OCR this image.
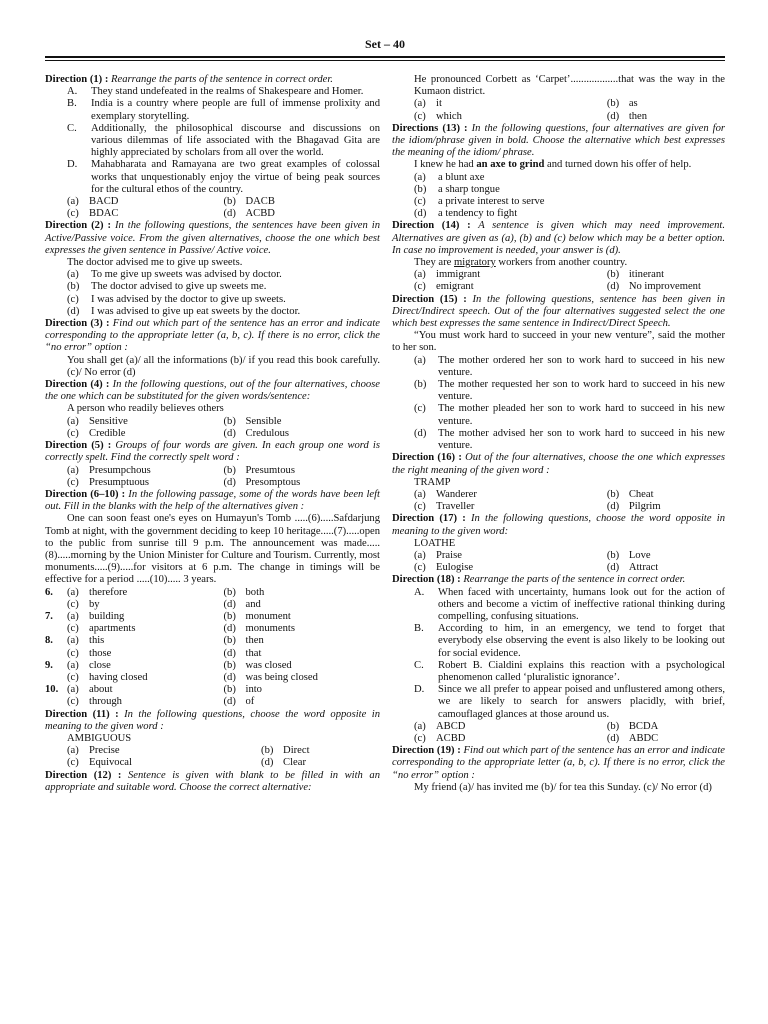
Set – 40

Direction (1) : Rearrange the parts of the sentence in correct order.

A.	They stand undefeated in the realms of Shakespeare and Homer.
B.	India is a country where people are full of immense prolixity and exemplary storytelling.
C.	Additionally, the philosophical discourse and discussions on various dilemmas of life associated with the Bhagavad Gita are highly appreciated by scholars from all over the world.
D.	Mahabharata and Ramayana are two great examples of colossal works that unquestionably enjoy the virtue of being peak sources for the cultural ethos of the country.
(a) BACD	(b) DACB
(c) BDAC	(d) ACBD

Direction (2) : In the following questions, the sentences have been given in Active/Passive voice. From the given alternatives, choose the one which best expresses the given sentence in Passive/ Active voice.

The doctor advised me to give up sweets.

(a)	To me give up sweets was advised by doctor.
(b)	The doctor advised to give up sweets me.
(c)	I was advised by the doctor to give up sweets.
(d)	I was advised to give up eat sweets by the doctor.

Direction (3) : Find out which part of the sentence has an error and indicate corresponding to the appropriate letter (a, b, c). If there is no error, click the “no error” option :

You shall get (a)/ all the informations (b)/ if you read this book carefully. (c)/ No error (d)

Direction (4) : In the following questions, out of the four alternatives, choose the one which can be substituted for the given words/sentence:

A person who readily believes others

(a) Sensitive	(b) Sensible
(c) Credible	(d) Credulous

Direction (5) : Groups of four words are given. In each group one word is correctly spelt. Find the correctly spelt word :

(a) Presumpchous	(b) Presumtous
(c) Presumptuous	(d) Presomptous

Direction (6–10) : In the following passage, some of the words have been left out. Fill in the blanks with the help of the alternatives given :

One can soon feast one's eyes on Humayun's Tomb .....(6).....Safdarjung Tomb at night, with the government deciding to keep 10 heritage.....(7).....open to the public from sunrise till 9 p.m. The announcement was made.....(8).....morning by the Union Minister for Culture and Tourism. Currently, most monuments.....(9).....for visitors at 6 p.m. The change in timings will be effective for a period .....(10)..... 3 years.

6.	(a) therefore	(b) both
(c) by	(d) and
7.	(a) building	(b) monument
(c) apartments	(d) monuments
8.	(a) this	(b) then
(c) those	(d) that
9.	(a) close	(b) was closed
(c) having closed	(d) was being closed
10. (a) about	(b) into
(c) through	(d) of

Direction (11) : In the following questions, choose the word opposite in meaning to the given word :

AMBIGUOUS

(a) Precise	(b) Direct
(c) Equivocal	(d) Clear

Direction (12) : Sentence is given with blank to be filled in with an appropriate and suitable word. Choose the correct alternative:

He pronounced Corbett as ‘Carpet’..................that was the way in the Kumaon district.

(a) it	(b) as
(c) which	(d) then

Directions (13) : In the following questions, four alternatives are given for the idiom/phrase given in bold. Choose the alternative which best expresses the meaning of the idiom/ phrase.

I knew he had an axe to grind and turned down his offer of help.

(a)	a blunt axe
(b)	a sharp tongue
(c)	a private interest to serve
(d)	a tendency to fight

Direction (14) : A sentence is given which may need improvement. Alternatives are given as (a), (b) and (c) below which may be a better option. In case no improvement is needed, your answer is (d).

They are migratory workers from another country.

(a) immigrant	(b) itinerant
(c) emigrant	(d) No improvement

Direction (15) : In the following questions, sentence has been given in Direct/Indirect speech. Out of the four alternatives suggested select the one which best expresses the same sentence in Indirect/Direct Speech.

“You must work hard to succeed in your new venture”, said the mother to her son.

(a)	The mother ordered her son to work hard to succeed in his new venture.
(b)	The mother requested her son to work hard to succeed in his new venture.
(c)	The mother pleaded her son to work hard to succeed in his new venture.
(d)	The mother advised her son to work hard to succeed in his new venture.

Direction (16) : Out of the four alternatives, choose the one which expresses the right meaning of the given word :

TRAMP

(a) Wanderer	(b) Cheat
(c) Traveller	(d) Pilgrim

Direction (17) : In the following questions, choose the word opposite in meaning to the given word:

LOATHE

(a) Praise	(b) Love
(c) Eulogise	(d) Attract

Direction (18) : Rearrange the parts of the sentence in correct order.

A.	When faced with uncertainty, humans look out for the action of others and become a victim of ineffective rational thinking during compelling, confusing situations.
B.	According to him, in an emergency, we tend to forget that everybody else observing the event is also likely to be looking out for social evidence.
C.	Robert B. Cialdini explains this reaction with a psychological phenomenon called ‘pluralistic ignorance’.
D.	Since we all prefer to appear poised and unflustered among others, we are likely to search for answers placidly, with brief, camouflaged glances at those around us.
(a) ABCD	(b) BCDA
(c) ACBD	(d) ABDC

Direction (19) : Find out which part of the sentence has an error and indicate corresponding to the appropriate letter (a, b, c). If there is no error, click the “no error” option :

My friend (a)/ has invited me (b)/ for tea this Sunday. (c)/ No error (d)
